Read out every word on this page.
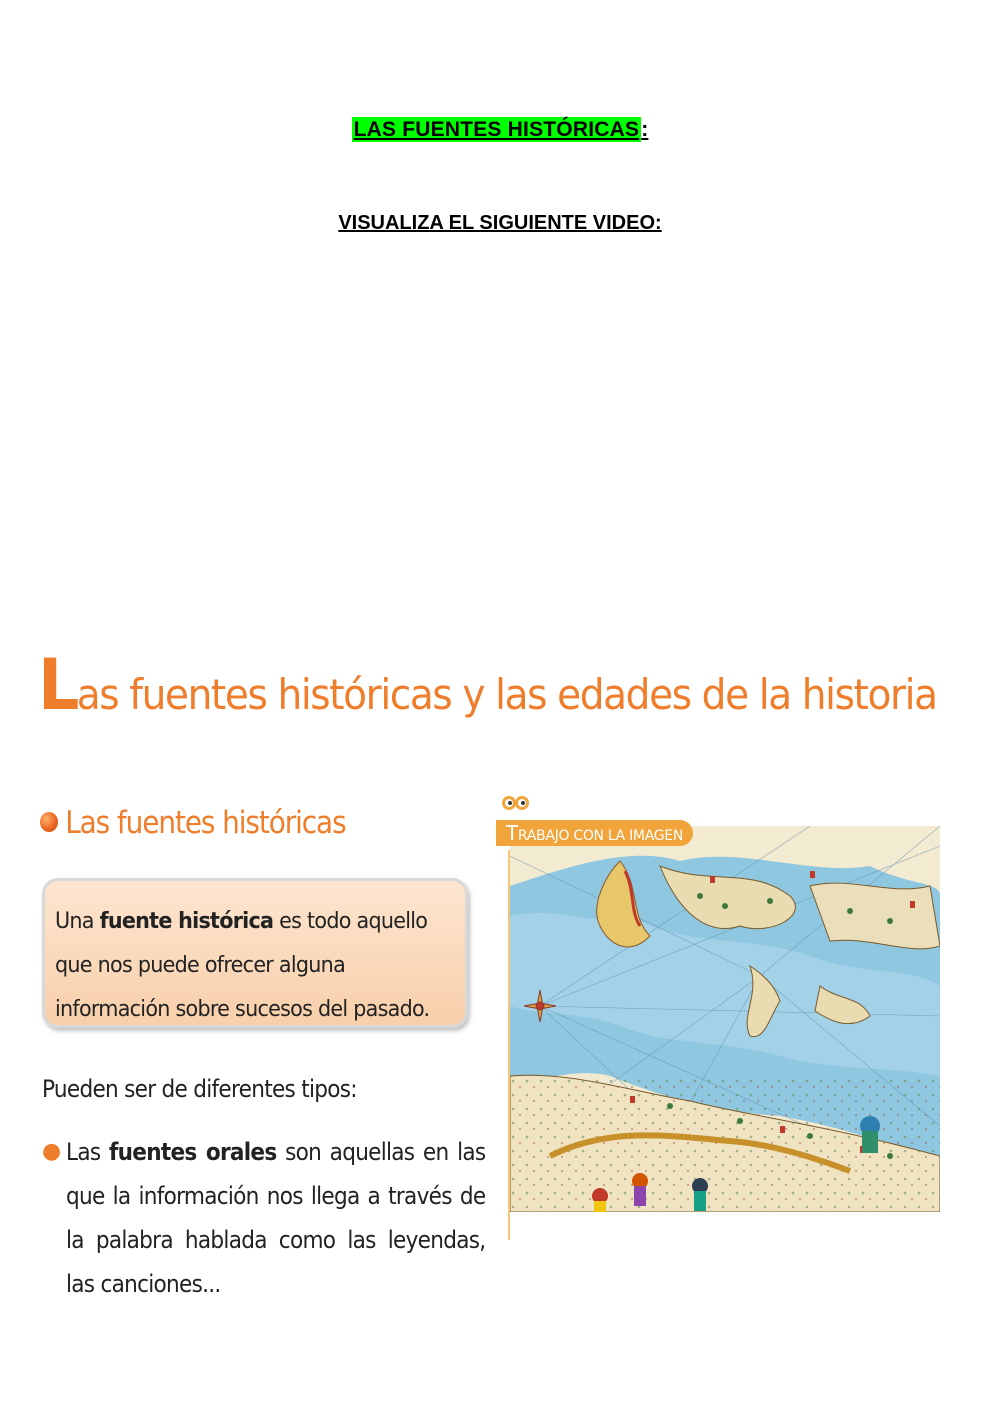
LAS FUENTES HISTÓRICAS:
VISUALIZA EL SIGUIENTE VIDEO:
Las fuentes históricas y las edades de la historia
Las fuentes históricas
Una fuente histórica es todo aquello que nos puede ofrecer alguna información sobre sucesos del pasado.
Pueden ser de diferentes tipos:
● Las fuentes orales son aquellas en las que la información nos llega a través de la palabra hablada como las leyendas, las canciones...
TRABAJO CON LA IMAGEN
